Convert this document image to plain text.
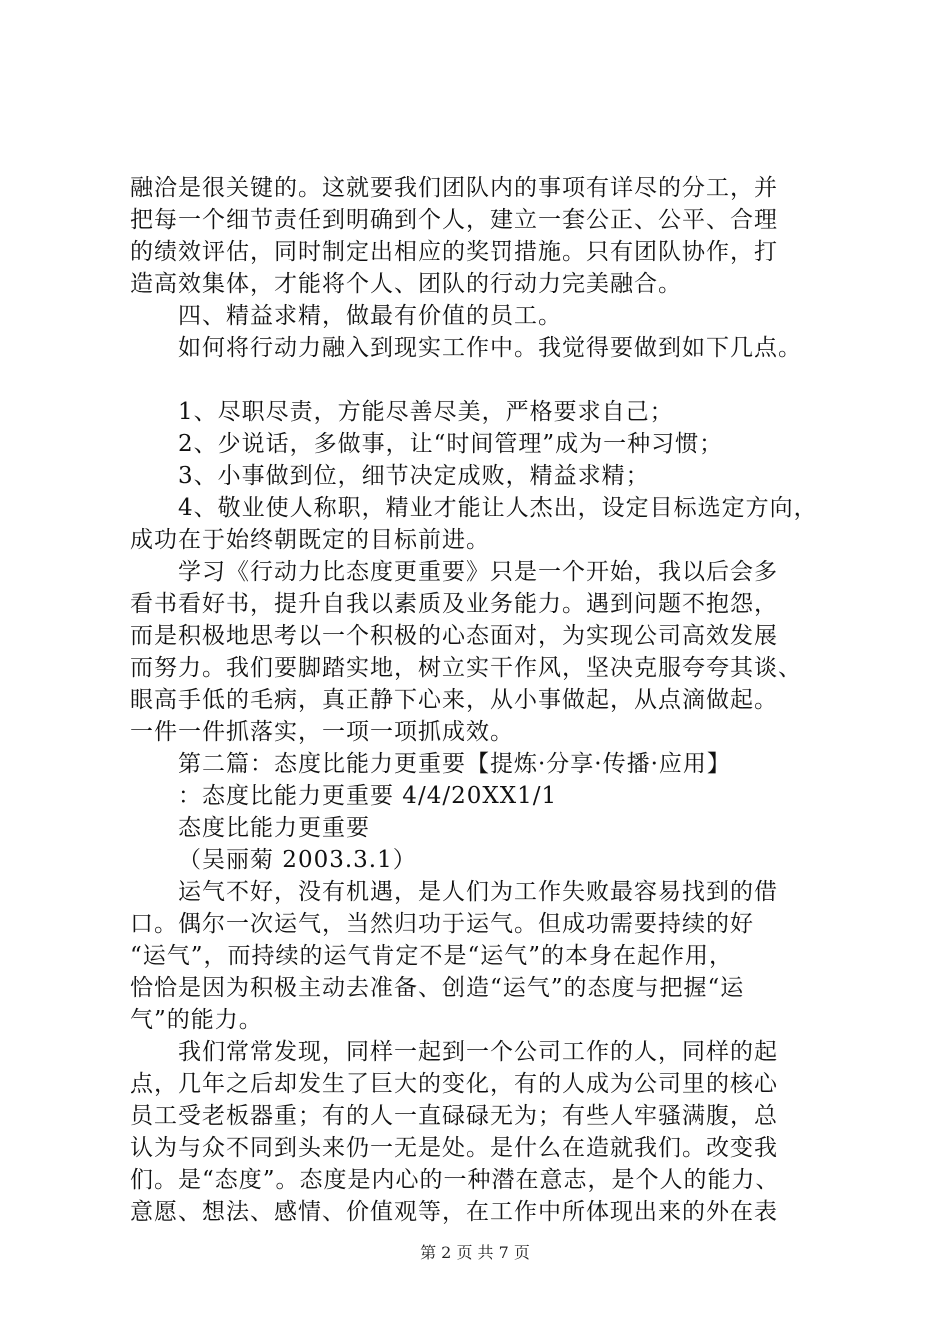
融洽是很关键的。这就要我们团队内的事项有详尽的分工，并
把每一个细节责任到明确到个人，建立一套公正、公平、合理
的绩效评估，同时制定出相应的奖罚措施。只有团队协作，打
造高效集体，才能将个人、团队的行动力完美融合。
四、精益求精，做最有价值的员工。
如何将行动力融入到现实工作中。我觉得要做到如下几点。
1、尽职尽责，方能尽善尽美，严格要求自己；
2、少说话，多做事，让“时间管理”成为一种习惯；
3、小事做到位，细节决定成败，精益求精；
4、敬业使人称职，精业才能让人杰出，设定目标选定方向，
成功在于始终朝既定的目标前进。
学习《行动力比态度更重要》只是一个开始，我以后会多
看书看好书，提升自我以素质及业务能力。遇到问题不抱怨，
而是积极地思考以一个积极的心态面对，为实现公司高效发展
而努力。我们要脚踏实地，树立实干作风，坚决克服夸夸其谈、
眼高手低的毛病，真正静下心来，从小事做起，从点滴做起。
一件一件抓落实，一项一项抓成效。
第二篇：态度比能力更重要【提炼·分享·传播·应用】
：态度比能力更重要 4/4/20XX1/1
态度比能力更重要
（吴丽菊 2003.3.1）
运气不好，没有机遇，是人们为工作失败最容易找到的借
口。偶尔一次运气，当然归功于运气。但成功需要持续的好
“运气”，而持续的运气肯定不是“运气”的本身在起作用，
恰恰是因为积极主动去准备、创造“运气”的态度与把握“运
气”的能力。
我们常常发现，同样一起到一个公司工作的人，同样的起
点，几年之后却发生了巨大的变化，有的人成为公司里的核心
员工受老板器重；有的人一直碌碌无为；有些人牢骚满腹，总
认为与众不同到头来仍一无是处。是什么在造就我们。改变我
们。是“态度”。态度是内心的一种潜在意志，是个人的能力、
意愿、想法、感情、价值观等，在工作中所体现出来的外在表
第 2 页 共 7 页
